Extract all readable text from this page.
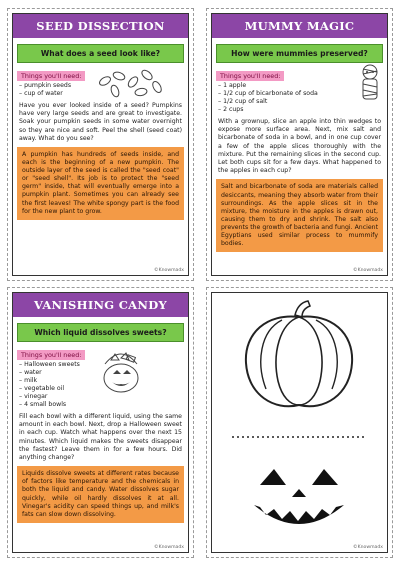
SEED DISSECTION
What does a seed look like?
Things you'll need:
– pumpkin seeds
– cup of water

Have you ever looked inside of a seed? Pumpkins have very large seeds and are great to investigate. Soak your pumpkin seeds in some water overnight so they are nice and soft. Peel the shell (seed coat) away. What do you see?

A pumpkin has hundreds of seeds inside, and each is the beginning of a new pumpkin. The outside layer of the seed is called the "seed coat" or "seed shell". Its job is to protect the "seed germ" inside, that will eventually emerge into a pumpkin plant. Sometimes you can already see the first leaves! The white spongy part is the food for the new plant to grow.
©Knowmadx
MUMMY MAGIC
How were mummies preserved?
Things you'll need:
– 1 apple
– 1/2 cup of bicarbonate of soda
– 1/2 cup of salt
– 2 cups

With a grownup, slice an apple into thin wedges to expose more surface area. Next, mix salt and bicarbonate of soda in a bowl, and in one cup cover a few of the apple slices thoroughly with the mixture. Put the remaining slices in the second cup. Let both cups sit for a few days. What happened to the apples in each cup?

Salt and bicarbonate of soda are materials called desiccants, meaning they absorb water from their surroundings. As the apple slices sit in the mixture, the moisture in the apples is drawn out, causing them to dry and shrink. The salt also prevents the growth of bacteria and fungi. Ancient Egyptians used similar process to mummify bodies.
©Knowmadx
VANISHING CANDY
Which liquid dissolves sweets?
Things you'll need:
– Halloween sweets
– water
– milk
– vegetable oil
– vinegar
– 4 small bowls

Fill each bowl with a different liquid, using the same amount in each bowl. Next, drop a Halloween sweet in each cup. Watch what happens over the next 15 minutes. Which liquid makes the sweets disappear the fastest? Leave them in for a few hours. Did anything change?

Liquids dissolve sweets at different rates because of factors like temperature and the chemicals in both the liquid and candy. Water dissolves sugar quickly, while oil hardly dissolves it at all. Vinegar's acidity can speed things up, and milk's fats can slow down dissolving.
©Knowmadx	©Knowmadx
